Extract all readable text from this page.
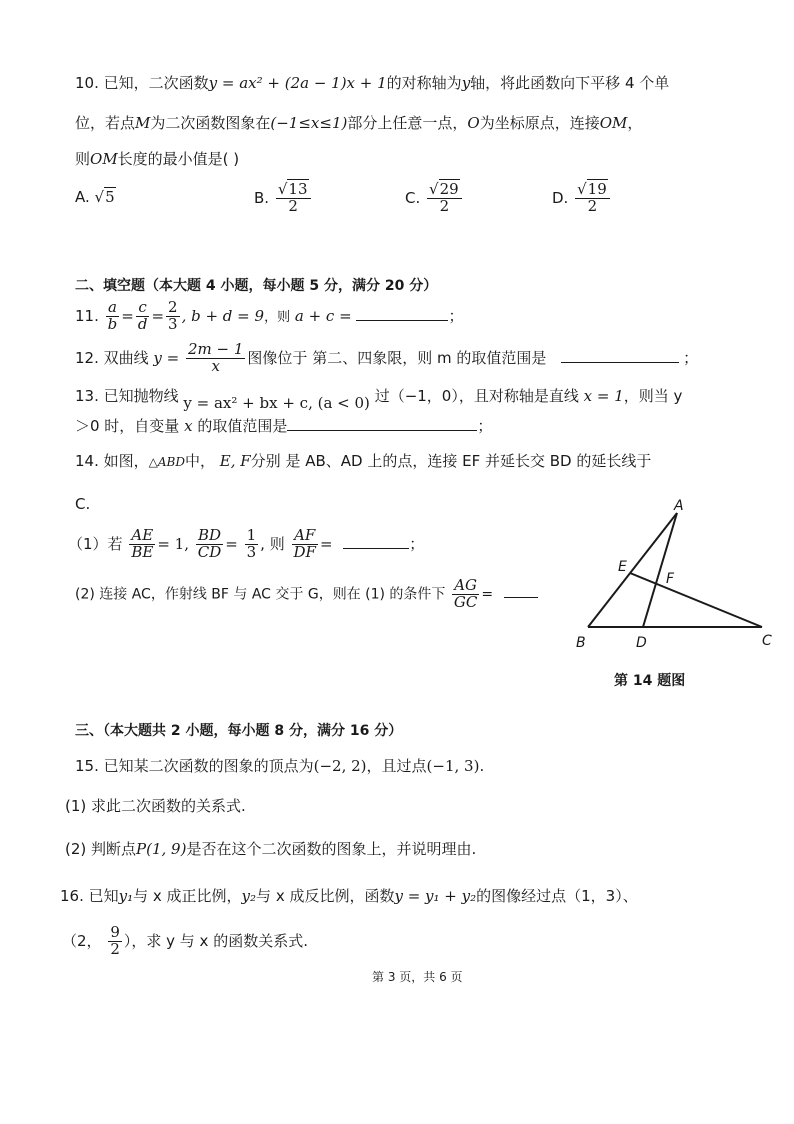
10. 已知，二次函数y = ax² + (2a − 1)x + 1的对称轴为y轴，将此函数向下平移 4 个单
位，若点M为二次函数图象在(−1≤x≤1)部分上任意一点，O为坐标原点，连接OM，
则OM长度的最小值是( )
A. √5	B. $\frac{√13}{2}$	C. $\frac{√29}{2}$	D. $\frac{√19}{2}$
二、填空题（本大题 4 小题，每小题 5 分，满分 20 分）
11. $\frac{a}{b} = \frac{c}{d} = \frac{2}{3}$ , b + d = 9，则 a + c =	；
12. 双曲线 $y = \frac{2m - 1}{x}$ 图像位于 第二、四象限，则 m 的取值范围是	；
13. 已知抛物线 y = ax² + bx + c, (a < 0) 过（−1，0），且对称轴是直线 x = 1，则当 y
＞0 时，自变量 x 的取值范围是	；
14. 如图，△ABD中， E, F分别 是 AB、AD 上的点，连接 EF 并延长交 BD 的延长线于
C.
（1）若 $\frac{AE}{BE} = 1$, $\frac{BD}{CD} = \frac{1}{3}$ , 则 $\frac{AF}{DF}$ =	；
(2) 连接 AC，作射线 BF 与 AC 交于 G，则在 (1) 的条件下 $\frac{AG}{GC}$ =
A
E
F
B	D	C
第 14 题图
三、（本大题共 2 小题，每小题 8 分，满分 16 分）
15. 已知某二次函数的图象的顶点为(−2, 2)，且过点(−1, 3).
(1) 求此二次函数的关系式.
(2) 判断点P(1, 9)是否在这个二次函数的图象上，并说明理由.
16. 已知y₁与 x 成正比例，y₂与 x 成反比例，函数y = y₁ + y₂的图像经过点（1，3）、
（2， $\frac{9}{2}$ ），求 y 与 x 的函数关系式.
第 3 页，共 6 页
